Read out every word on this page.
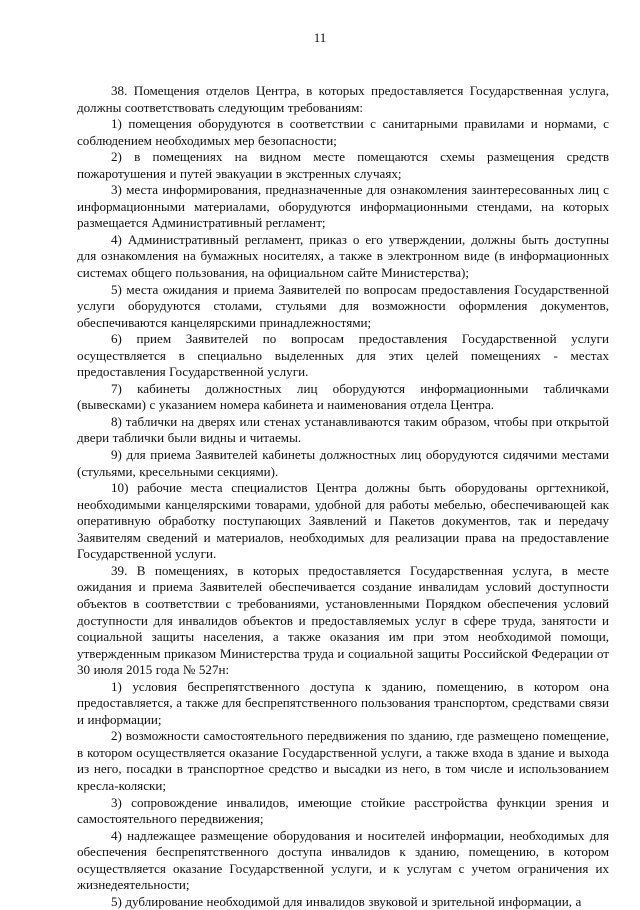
11

38. Помещения отделов Центра, в которых предоставляется Государственная услуга, должны соответствовать следующим требованиям:

1) помещения оборудуются в соответствии с санитарными правилами и нормами, с соблюдением необходимых мер безопасности;

2) в помещениях на видном месте помещаются схемы размещения средств пожаротушения и путей эвакуации в экстренных случаях;

3) места информирования, предназначенные для ознакомления заинтересованных лиц с информационными материалами, оборудуются информационными стендами, на которых размещается Административный регламент;

4) Административный регламент, приказ о его утверждении, должны быть доступны для ознакомления на бумажных носителях, а также в электронном виде (в информационных системах общего пользования, на официальном сайте Министерства);

5) места ожидания и приема Заявителей по вопросам предоставления Государственной услуги оборудуются столами, стульями для возможности оформления документов, обеспечиваются канцелярскими принадлежностями;

6) прием Заявителей по вопросам предоставления Государственной услуги осуществляется в специально выделенных для этих целей помещениях - местах предоставления Государственной услуги.

7) кабинеты должностных лиц оборудуются информационными табличками (вывесками) с указанием номера кабинета и наименования отдела Центра.

8) таблички на дверях или стенах устанавливаются таким образом, чтобы при открытой двери таблички были видны и читаемы.

9) для приема Заявителей кабинеты должностных лиц оборудуются сидячими местами (стульями, кресельными секциями).

10) рабочие места специалистов Центра должны быть оборудованы оргтехникой, необходимыми канцелярскими товарами, удобной для работы мебелью, обеспечивающей как оперативную обработку поступающих Заявлений и Пакетов документов, так и передачу Заявителям сведений и материалов, необходимых для реализации права на предоставление Государственной услуги.

39. В помещениях, в которых предоставляется Государственная услуга, в месте ожидания и приема Заявителей обеспечивается создание инвалидам условий доступности объектов в соответствии с требованиями, установленными Порядком обеспечения условий доступности для инвалидов объектов и предоставляемых услуг в сфере труда, занятости и социальной защиты населения, а также оказания им при этом необходимой помощи, утвержденным приказом Министерства труда и социальной защиты Российской Федерации от 30 июля 2015 года № 527н:

1) условия беспрепятственного доступа к зданию, помещению, в котором она предоставляется, а также для беспрепятственного пользования транспортом, средствами связи и информации;

2) возможности самостоятельного передвижения по зданию, где размещено помещение, в котором осуществляется оказание Государственной услуги, а также входа в здание и выхода из него, посадки в транспортное средство и высадки из него, в том числе и использованием кресла-коляски;

3) сопровождение инвалидов, имеющие стойкие расстройства функции зрения и самостоятельного передвижения;

4) надлежащее размещение оборудования и носителей информации, необходимых для обеспечения беспрепятственного доступа инвалидов к зданию, помещению, в котором осуществляется оказание Государственной услуги, и к услугам с учетом ограничения их жизнедеятельности;

5) дублирование необходимой для инвалидов звуковой и зрительной информации, а
